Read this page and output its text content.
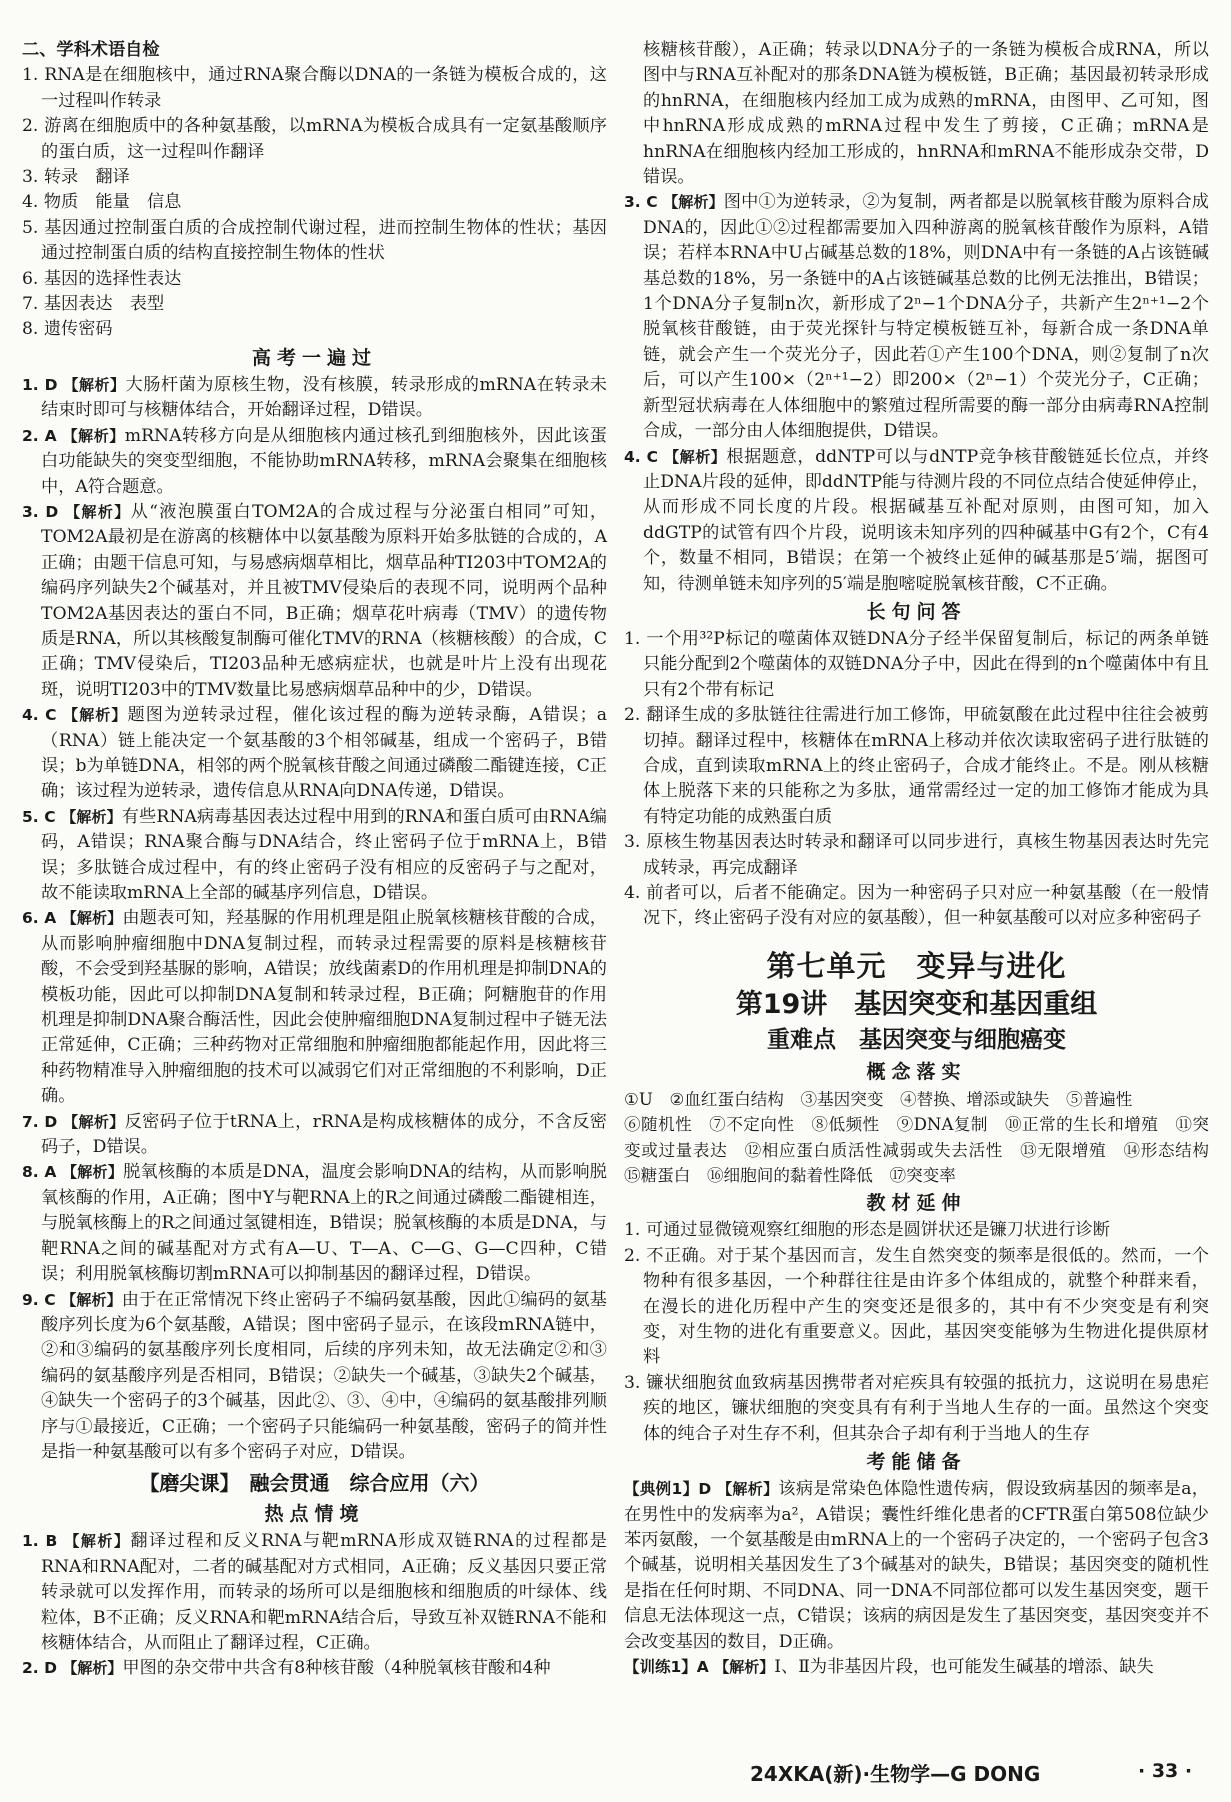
二、学科术语自检

1. RNA是在细胞核中，通过RNA聚合酶以DNA的一条链为模板合成的，这一过程叫作转录

2. 游离在细胞质中的各种氨基酸，以mRNA为模板合成具有一定氨基酸顺序的蛋白质，这一过程叫作翻译

3. 转录　翻译

4. 物质　能量　信息

5. 基因通过控制蛋白质的合成控制代谢过程，进而控制生物体的性状；基因通过控制蛋白质的结构直接控制生物体的性状

6. 基因的选择性表达

7. 基因表达　表型

8. 遗传密码

高考一遍过

1. D 【解析】大肠杆菌为原核生物，没有核膜，转录形成的mRNA在转录未结束时即可与核糖体结合，开始翻译过程，D错误。

2. A 【解析】mRNA转移方向是从细胞核内通过核孔到细胞核外，因此该蛋白功能缺失的突变型细胞，不能协助mRNA转移，mRNA会聚集在细胞核中，A符合题意。

3. D 【解析】从“液泡膜蛋白TOM2A的合成过程与分泌蛋白相同”可知，TOM2A最初是在游离的核糖体中以氨基酸为原料开始多肽链的合成的，A正确；由题干信息可知，与易感病烟草相比，烟草品种TI203中TOM2A的编码序列缺失2个碱基对，并且被TMV侵染后的表现不同，说明两个品种TOM2A基因表达的蛋白不同，B正确；烟草花叶病毒（TMV）的遗传物质是RNA，所以其核酸复制酶可催化TMV的RNA（核糖核酸）的合成，C正确；TMV侵染后，TI203品种无感病症状，也就是叶片上没有出现花斑，说明TI203中的TMV数量比易感病烟草品种中的少，D错误。

4. C 【解析】题图为逆转录过程，催化该过程的酶为逆转录酶，A错误；a（RNA）链上能决定一个氨基酸的3个相邻碱基，组成一个密码子，B错误；b为单链DNA，相邻的两个脱氧核苷酸之间通过磷酸二酯键连接，C正确；该过程为逆转录，遗传信息从RNA向DNA传递，D错误。

5. C 【解析】有些RNA病毒基因表达过程中用到的RNA和蛋白质可由RNA编码，A错误；RNA聚合酶与DNA结合，终止密码子位于mRNA上，B错误；多肽链合成过程中，有的终止密码子没有相应的反密码子与之配对，故不能读取mRNA上全部的碱基序列信息，D错误。

6. A 【解析】由题表可知，羟基脲的作用机理是阻止脱氧核糖核苷酸的合成，从而影响肿瘤细胞中DNA复制过程，而转录过程需要的原料是核糖核苷酸，不会受到羟基脲的影响，A错误；放线菌素D的作用机理是抑制DNA的模板功能，因此可以抑制DNA复制和转录过程，B正确；阿糖胞苷的作用机理是抑制DNA聚合酶活性，因此会使肿瘤细胞DNA复制过程中子链无法正常延伸，C正确；三种药物对正常细胞和肿瘤细胞都能起作用，因此将三种药物精准导入肿瘤细胞的技术可以减弱它们对正常细胞的不利影响，D正确。

7. D 【解析】反密码子位于tRNA上，rRNA是构成核糖体的成分，不含反密码子，D错误。

8. A 【解析】脱氧核酶的本质是DNA，温度会影响DNA的结构，从而影响脱氧核酶的作用，A正确；图中Y与靶RNA上的R之间通过磷酸二酯键相连，与脱氧核酶上的R之间通过氢键相连，B错误；脱氧核酶的本质是DNA，与靶RNA之间的碱基配对方式有A—U、T—A、C—G、G—C四种，C错误；利用脱氧核酶切割mRNA可以抑制基因的翻译过程，D错误。

9. C 【解析】由于在正常情况下终止密码子不编码氨基酸，因此①编码的氨基酸序列长度为6个氨基酸，A错误；图中密码子显示，在该段mRNA链中，②和③编码的氨基酸序列长度相同，后续的序列未知，故无法确定②和③编码的氨基酸序列是否相同，B错误；②缺失一个碱基，③缺失2个碱基，④缺失一个密码子的3个碱基，因此②、③、④中，④编码的氨基酸排列顺序与①最接近，C正确；一个密码子只能编码一种氨基酸，密码子的简并性是指一种氨基酸可以有多个密码子对应，D错误。

【磨尖课】　融会贯通　综合应用（六）
热点情境

1. B 【解析】翻译过程和反义RNA与靶mRNA形成双链RNA的过程都是RNA和RNA配对，二者的碱基配对方式相同，A正确；反义基因只要正常转录就可以发挥作用，而转录的场所可以是细胞核和细胞质的叶绿体、线粒体，B不正确；反义RNA和靶mRNA结合后，导致互补双链RNA不能和核糖体结合，从而阻止了翻译过程，C正确。

2. D 【解析】甲图的杂交带中共含有8种核苷酸（4种脱氧核苷酸和4种

核糖核苷酸），A正确；转录以DNA分子的一条链为模板合成RNA，所以图中与RNA互补配对的那条DNA链为模板链，B正确；基因最初转录形成的hnRNA，在细胞核内经加工成为成熟的mRNA，由图甲、乙可知，图中hnRNA形成成熟的mRNA过程中发生了剪接，C正确；mRNA是hnRNA在细胞核内经加工形成的，hnRNA和mRNA不能形成杂交带，D错误。

3. C 【解析】图中①为逆转录，②为复制，两者都是以脱氧核苷酸为原料合成DNA的，因此①②过程都需要加入四种游离的脱氧核苷酸作为原料，A错误；若样本RNA中U占碱基总数的18%，则DNA中有一条链的A占该链碱基总数的18%，另一条链中的A占该链碱基总数的比例无法推出，B错误；1个DNA分子复制n次，新形成了2ⁿ−1个DNA分子，共新产生2ⁿ⁺¹−2个脱氧核苷酸链，由于荧光探针与特定模板链互补，每新合成一条DNA单链，就会产生一个荧光分子，因此若①产生100个DNA，则②复制了n次后，可以产生100×（2ⁿ⁺¹−2）即200×（2ⁿ−1）个荧光分子，C正确；新型冠状病毒在人体细胞中的繁殖过程所需要的酶一部分由病毒RNA控制合成，一部分由人体细胞提供，D错误。

4. C 【解析】根据题意，ddNTP可以与dNTP竞争核苷酸链延长位点，并终止DNA片段的延伸，即ddNTP能与待测片段的不同位点结合使延伸停止，从而形成不同长度的片段。根据碱基互补配对原则，由图可知，加入ddGTP的试管有四个片段，说明该未知序列的四种碱基中G有2个，C有4个，数量不相同，B错误；在第一个被终止延伸的碱基那是5′端，据图可知，待测单链未知序列的5′端是胞嘧啶脱氧核苷酸，C不正确。

长句问答

1. 一个用³²P标记的噬菌体双链DNA分子经半保留复制后，标记的两条单链只能分配到2个噬菌体的双链DNA分子中，因此在得到的n个噬菌体中有且只有2个带有标记

2. 翻译生成的多肽链往往需进行加工修饰，甲硫氨酸在此过程中往往会被剪切掉。翻译过程中，核糖体在mRNA上移动并依次读取密码子进行肽链的合成，直到读取mRNA上的终止密码子，合成才能终止。不是。刚从核糖体上脱落下来的只能称之为多肽，通常需经过一定的加工修饰才能成为具有特定功能的成熟蛋白质

3. 原核生物基因表达时转录和翻译可以同步进行，真核生物基因表达时先完成转录，再完成翻译

4. 前者可以，后者不能确定。因为一种密码子只对应一种氨基酸（在一般情况下，终止密码子没有对应的氨基酸），但一种氨基酸可以对应多种密码子

第七单元　变异与进化
第19讲　基因突变和基因重组
重难点　基因突变与细胞癌变
概念落实

①U　②血红蛋白结构　③基因突变　④替换、增添或缺失　⑤普遍性

⑥随机性　⑦不定向性　⑧低频性　⑨DNA复制　⑩正常的生长和增殖　⑪突变或过量表达　⑫相应蛋白质活性减弱或失去活性　⑬无限增殖　⑭形态结构　⑮糖蛋白　⑯细胞间的黏着性降低　⑰突变率

教材延伸

1. 可通过显微镜观察红细胞的形态是圆饼状还是镰刀状进行诊断

2. 不正确。对于某个基因而言，发生自然突变的频率是很低的。然而，一个物种有很多基因，一个种群往往是由许多个体组成的，就整个种群来看，在漫长的进化历程中产生的突变还是很多的，其中有不少突变是有利突变，对生物的进化有重要意义。因此，基因突变能够为生物进化提供原材料

3. 镰状细胞贫血致病基因携带者对疟疾具有较强的抵抗力，这说明在易患疟疾的地区，镰状细胞的突变具有有利于当地人生存的一面。虽然这个突变体的纯合子对生存不利，但其杂合子却有利于当地人的生存

考能储备

【典例1】D 【解析】该病是常染色体隐性遗传病，假设致病基因的频率是a，在男性中的发病率为a²，A错误；囊性纤维化患者的CFTR蛋白第508位缺少苯丙氨酸，一个氨基酸是由mRNA上的一个密码子决定的，一个密码子包含3个碱基，说明相关基因发生了3个碱基对的缺失，B错误；基因突变的随机性是指在任何时期、不同DNA、同一DNA不同部位都可以发生基因突变，题干信息无法体现这一点，C错误；该病的病因是发生了基因突变，基因突变并不会改变基因的数目，D正确。

【训练1】A 【解析】Ⅰ、Ⅱ为非基因片段，也可能发生碱基的增添、缺失

24XKA(新)·生物学—G DONG	· 33 ·
